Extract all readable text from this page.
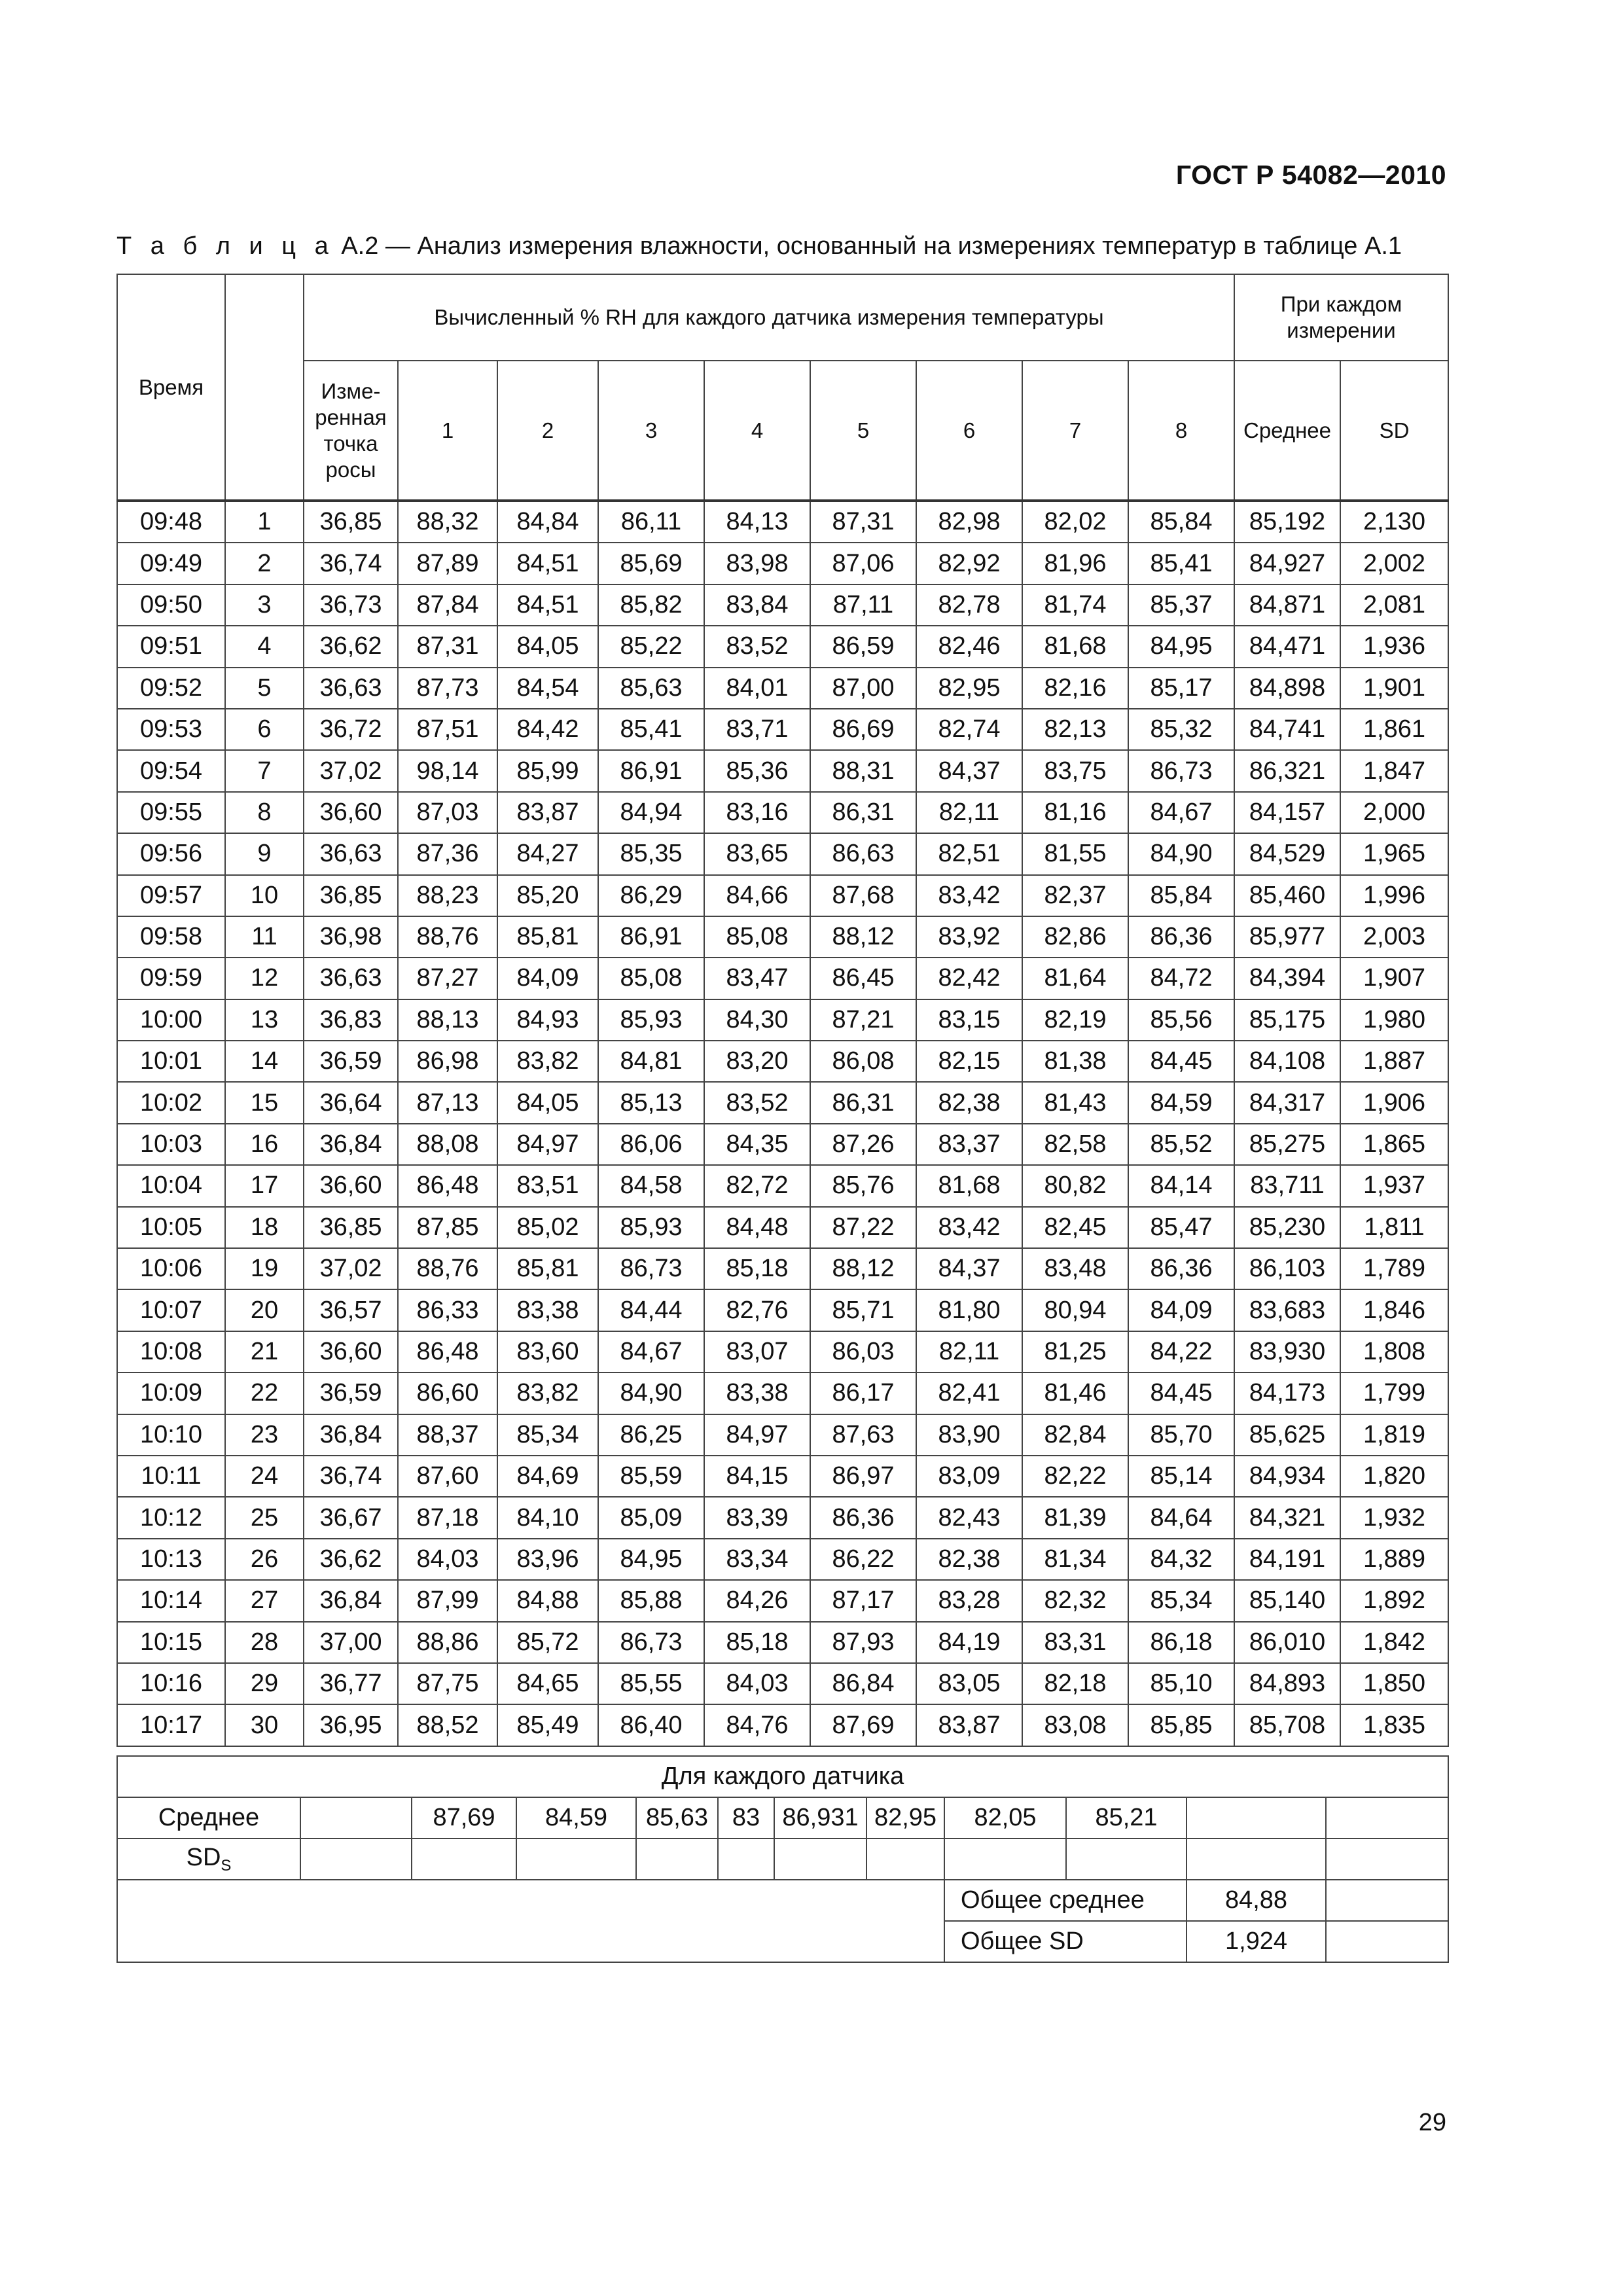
ГОСТ Р 54082—2010
Т а б л и ц а А.2 — Анализ измерения влажности, основанный на измерениях температур в таблице А.1
Время		Вычисленный % RH для каждого датчика измерения температуры									При каждом измерении	
		Изме-
ренная
точка
росы	1	2	3	4	5	6	7	8	Среднее	SD
09:48	1	36,85	88,32	84,84	86,11	84,13	87,31	82,98	82,02	85,84	85,192	2,130
09:49	2	36,74	87,89	84,51	85,69	83,98	87,06	82,92	81,96	85,41	84,927	2,002
09:50	3	36,73	87,84	84,51	85,82	83,84	87,11	82,78	81,74	85,37	84,871	2,081
09:51	4	36,62	87,31	84,05	85,22	83,52	86,59	82,46	81,68	84,95	84,471	1,936
09:52	5	36,63	87,73	84,54	85,63	84,01	87,00	82,95	82,16	85,17	84,898	1,901
09:53	6	36,72	87,51	84,42	85,41	83,71	86,69	82,74	82,13	85,32	84,741	1,861
09:54	7	37,02	98,14	85,99	86,91	85,36	88,31	84,37	83,75	86,73	86,321	1,847
09:55	8	36,60	87,03	83,87	84,94	83,16	86,31	82,11	81,16	84,67	84,157	2,000
09:56	9	36,63	87,36	84,27	85,35	83,65	86,63	82,51	81,55	84,90	84,529	1,965
09:57	10	36,85	88,23	85,20	86,29	84,66	87,68	83,42	82,37	85,84	85,460	1,996
09:58	11	36,98	88,76	85,81	86,91	85,08	88,12	83,92	82,86	86,36	85,977	2,003
09:59	12	36,63	87,27	84,09	85,08	83,47	86,45	82,42	81,64	84,72	84,394	1,907
10:00	13	36,83	88,13	84,93	85,93	84,30	87,21	83,15	82,19	85,56	85,175	1,980
10:01	14	36,59	86,98	83,82	84,81	83,20	86,08	82,15	81,38	84,45	84,108	1,887
10:02	15	36,64	87,13	84,05	85,13	83,52	86,31	82,38	81,43	84,59	84,317	1,906
10:03	16	36,84	88,08	84,97	86,06	84,35	87,26	83,37	82,58	85,52	85,275	1,865
10:04	17	36,60	86,48	83,51	84,58	82,72	85,76	81,68	80,82	84,14	83,711	1,937
10:05	18	36,85	87,85	85,02	85,93	84,48	87,22	83,42	82,45	85,47	85,230	1,811
10:06	19	37,02	88,76	85,81	86,73	85,18	88,12	84,37	83,48	86,36	86,103	1,789
10:07	20	36,57	86,33	83,38	84,44	82,76	85,71	81,80	80,94	84,09	83,683	1,846
10:08	21	36,60	86,48	83,60	84,67	83,07	86,03	82,11	81,25	84,22	83,930	1,808
10:09	22	36,59	86,60	83,82	84,90	83,38	86,17	82,41	81,46	84,45	84,173	1,799
10:10	23	36,84	88,37	85,34	86,25	84,97	87,63	83,90	82,84	85,70	85,625	1,819
10:11	24	36,74	87,60	84,69	85,59	84,15	86,97	83,09	82,22	85,14	84,934	1,820
10:12	25	36,67	87,18	84,10	85,09	83,39	86,36	82,43	81,39	84,64	84,321	1,932
10:13	26	36,62	84,03	83,96	84,95	83,34	86,22	82,38	81,34	84,32	84,191	1,889
10:14	27	36,84	87,99	84,88	85,88	84,26	87,17	83,28	82,32	85,34	85,140	1,892
10:15	28	37,00	88,86	85,72	86,73	85,18	87,93	84,19	83,31	86,18	86,010	1,842
10:16	29	36,77	87,75	84,65	85,55	84,03	86,84	83,05	82,18	85,10	84,893	1,850
10:17	30	36,95	88,52	85,49	86,40	84,76	87,69	83,87	83,08	85,85	85,708	1,835
Для каждого датчика											
Среднее		87,69	84,59	85,63	83	86,931	82,95	82,05	85,21		
$SD_S$											
								Общее среднее		84,88	
								Общее SD		1,924	
29
